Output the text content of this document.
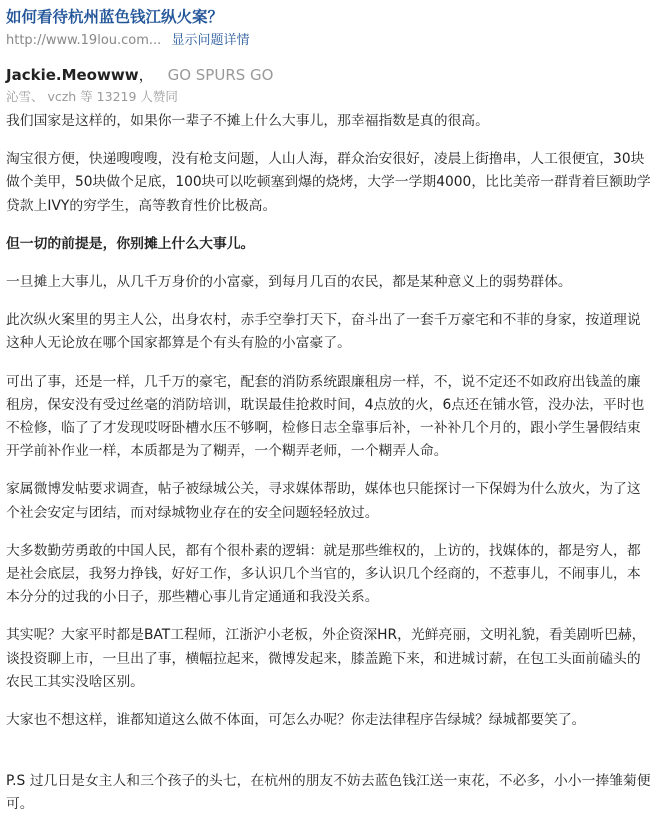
如何看待杭州蓝色钱江纵火案？
http://www.19lou.com... 显示问题详情
Jackie.Meowww， GO SPURS GO
沁雪、 vczh 等 13219 人赞同

我们国家是这样的，如果你一辈子不摊上什么大事儿，那幸福指数是真的很高。

淘宝很方便，快递嗖嗖嗖，没有枪支问题，人山人海，群众治安很好，凌晨上街撸串，人工很便宜，30块做个美甲，50块做个足底，100块可以吃顿塞到爆的烧烤，大学一学期4000，比比美帝一群背着巨额助学贷款上IVY的穷学生，高等教育性价比极高。

但一切的前提是，你别摊上什么大事儿。

一旦摊上大事儿，从几千万身价的小富豪，到每月几百的农民，都是某种意义上的弱势群体。

此次纵火案里的男主人公，出身农村，赤手空拳打天下，奋斗出了一套千万豪宅和不菲的身家，按道理说这种人无论放在哪个国家都算是个有头有脸的小富豪了。

可出了事，还是一样，几千万的豪宅，配套的消防系统跟廉租房一样，不，说不定还不如政府出钱盖的廉租房，保安没有受过丝毫的消防培训，耽误最佳抢救时间，4点放的火，6点还在铺水管，没办法，平时也不检修，临了了才发现哎呀卧槽水压不够啊，检修日志全靠事后补，一补补几个月的，跟小学生暑假结束开学前补作业一样，本质都是为了糊弄，一个糊弄老师，一个糊弄人命。

家属微博发帖要求调查，帖子被绿城公关，寻求媒体帮助，媒体也只能探讨一下保姆为什么放火，为了这个社会安定与团结，而对绿城物业存在的安全问题轻轻放过。

大多数勤劳勇敢的中国人民，都有个很朴素的逻辑：就是那些维权的，上访的，找媒体的，都是穷人，都是社会底层，我努力挣钱，好好工作，多认识几个当官的，多认识几个经商的，不惹事儿，不闹事儿，本本分分的过我的小日子，那些糟心事儿肯定通通和我没关系。

其实呢？大家平时都是BAT工程师，江浙沪小老板，外企资深HR，光鲜亮丽，文明礼貌，看美剧听巴赫，谈投资聊上市，一旦出了事，横幅拉起来，微博发起来，膝盖跪下来，和进城讨薪，在包工头面前磕头的农民工其实没啥区别。

大家也不想这样，谁都知道这么做不体面，可怎么办呢？你走法律程序告绿城？绿城都要笑了。

P.S 过几日是女主人和三个孩子的头七，在杭州的朋友不妨去蓝色钱江送一束花，不必多，小小一捧雏菊便可。
